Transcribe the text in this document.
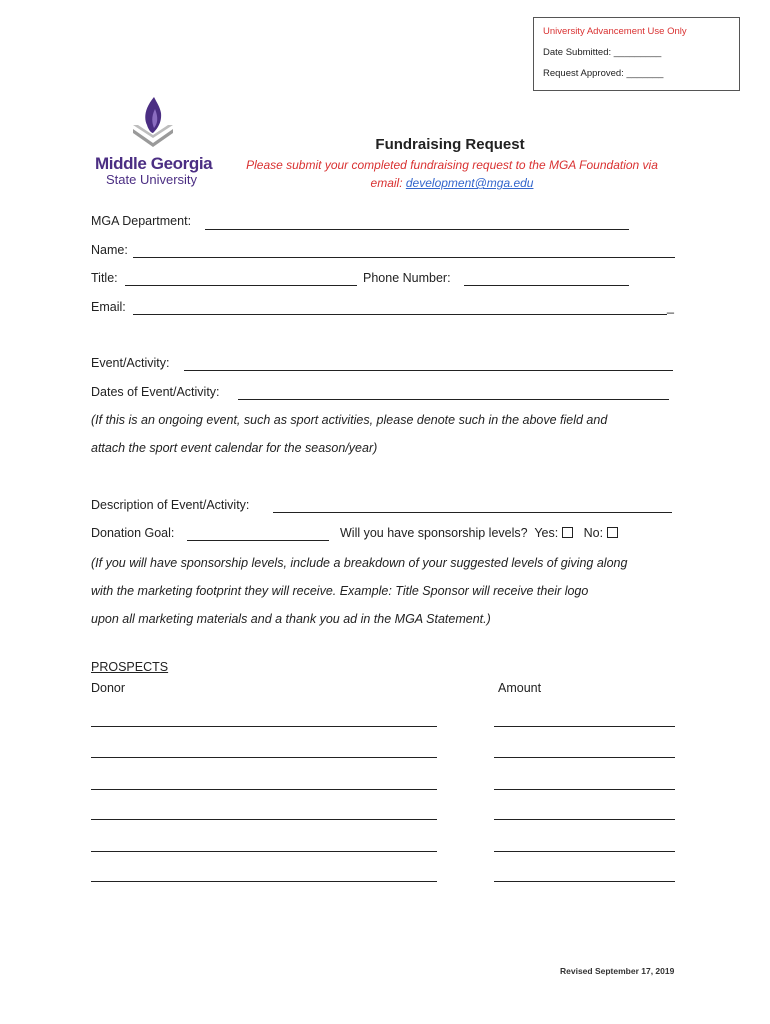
University Advancement Use Only
Date Submitted: _________
Request Approved: _______
Middle Georgia
State University
Fundraising Request
Please submit your completed fundraising request to the MGA Foundation via
email: development@mga.edu
MGA Department:
Name:
Title:	Phone Number:
Email:	_
Event/Activity:
Dates of Event/Activity:
(If this is an ongoing event, such as sport activities, please denote such in the above field and
attach the sport event calendar for the season/year)
Description of Event/Activity:
Donation Goal:	Will you have sponsorship levels? Yes: No:
(If you will have sponsorship levels, include a breakdown of your suggested levels of giving along
with the marketing footprint they will receive. Example: Title Sponsor will receive their logo
upon all marketing materials and a thank you ad in the MGA Statement.)
PROSPECTS
Donor	Amount
Revised September 17, 2019
